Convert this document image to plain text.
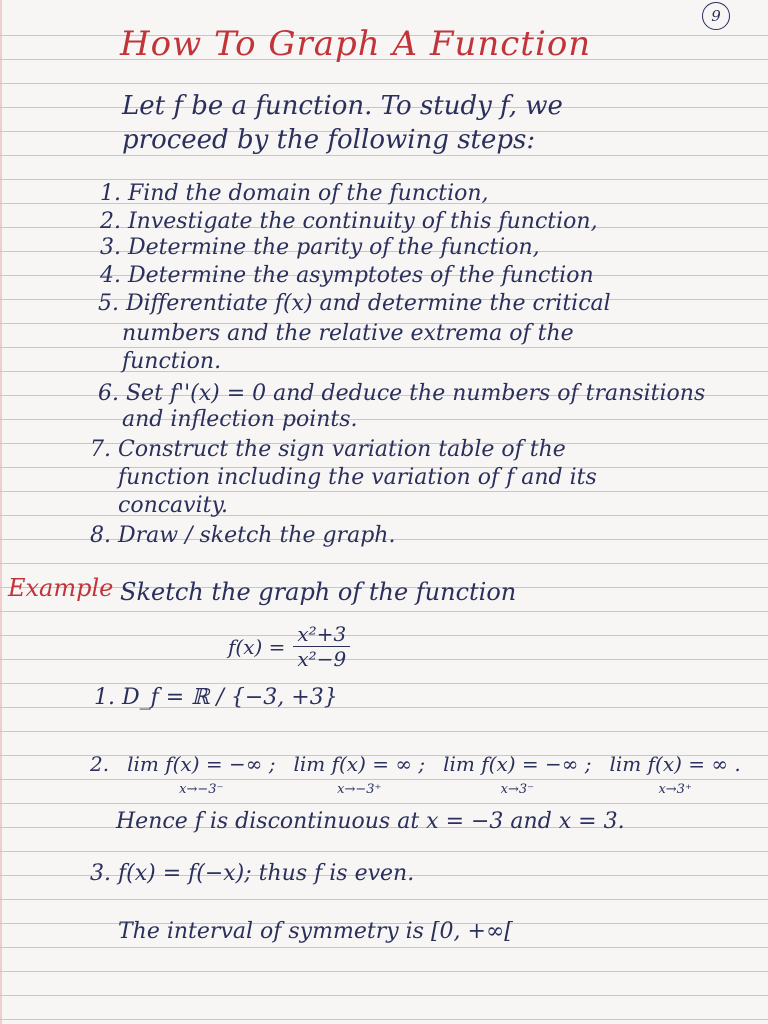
9
How To Graph A Function
Let f be a function. To study f, we
proceed by the following steps:
1. Find the domain of the function,
2. Investigate the continuity of this function,
3. Determine the parity of the function,
4. Determine the asymptotes of the function
5. Differentiate f(x) and determine the critical
numbers and the relative extrema of the
function.
6. Set f''(x) = 0 and deduce the numbers of transitions
and inflection points.
7. Construct the sign variation table of the
function including the variation of f and its
concavity.
8. Draw / sketch the graph.
Example Sketch the graph of the function
$f(x) = \frac{\text{x²+3}}{\text{x²−9}}$
1. D_f = ℝ / {−3, +3}
2. lim f(x) = −∞ ;
x→−3⁻
lim f(x) = ∞ ;
x→−3⁺
lim f(x) = −∞ ;
x→3⁻
lim f(x) = ∞ .
x→3⁺
Hence f is discontinuous at x = −3 and x = 3.
3. f(x) = f(−x); thus f is even.
The interval of symmetry is [0, +∞[
